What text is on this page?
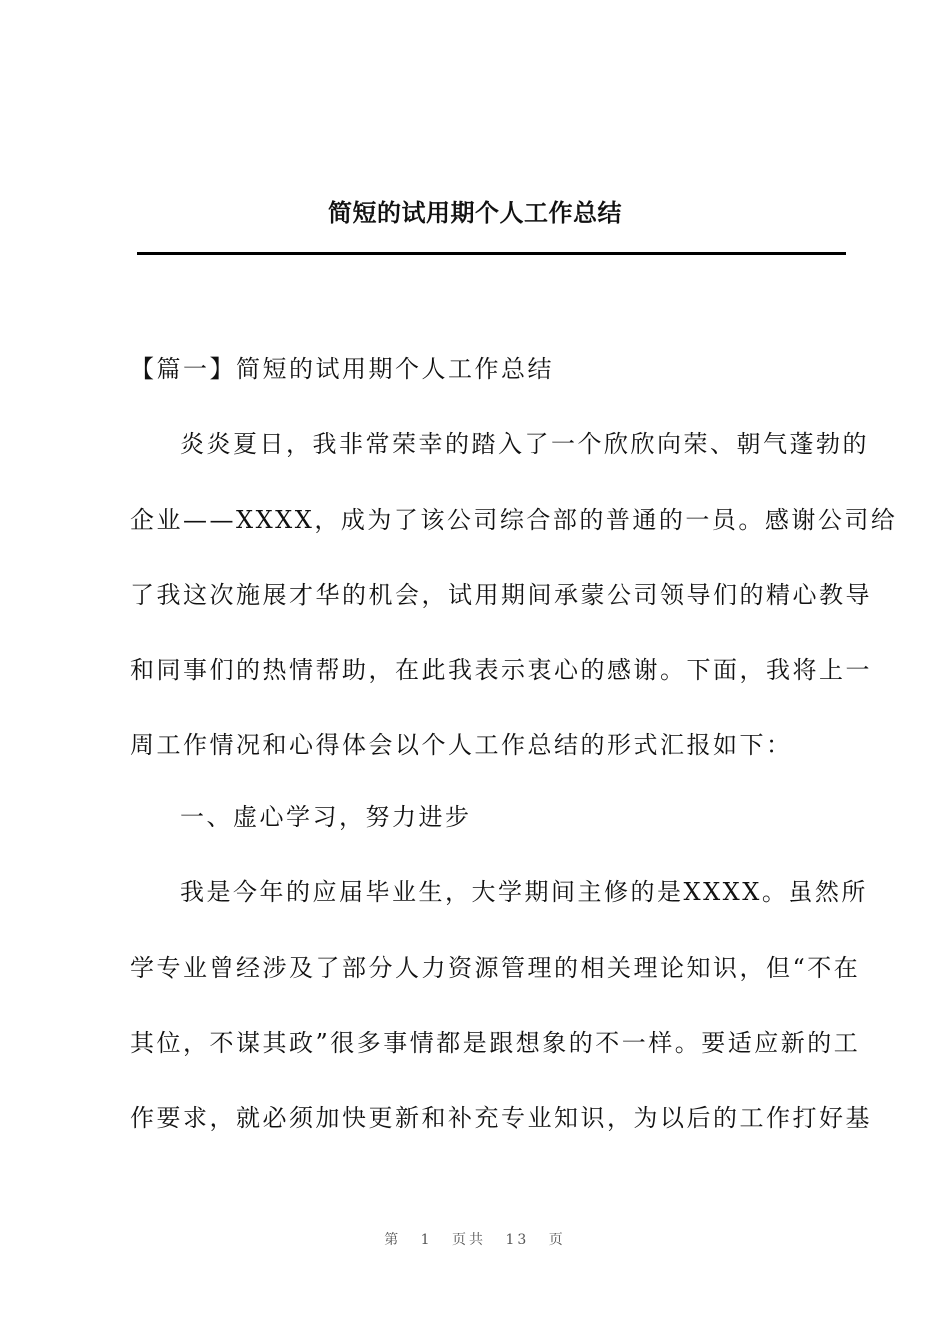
简短的试用期个人工作总结
【篇一】简短的试用期个人工作总结
炎炎夏日，我非常荣幸的踏入了一个欣欣向荣、朝气蓬勃的
企业——XXXX，成为了该公司综合部的普通的一员。感谢公司给
了我这次施展才华的机会，试用期间承蒙公司领导们的精心教导
和同事们的热情帮助，在此我表示衷心的感谢。下面，我将上一
周工作情况和心得体会以个人工作总结的形式汇报如下：
一、虚心学习，努力进步
我是今年的应届毕业生，大学期间主修的是XXXX。虽然所
学专业曾经涉及了部分人力资源管理的相关理论知识，但“不在
其位，不谋其政”很多事情都是跟想象的不一样。要适应新的工
作要求，就必须加快更新和补充专业知识，为以后的工作打好基
第 1 页共 13 页
